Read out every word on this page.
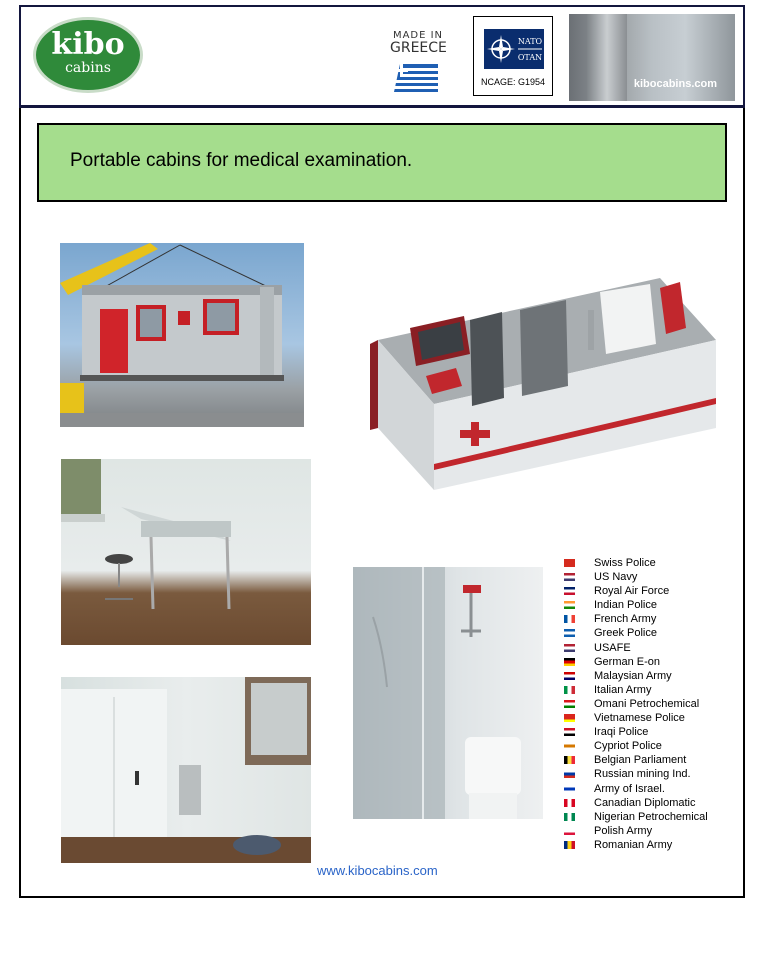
kibo
cabins
MADE IN
GREECE	NATO
OTAN
NCAGE: G1954	kibocabins.com
Portable cabins for medical examination.
Swiss Police
US Navy
Royal Air Force
Indian Police
French Army
Greek Police
USAFE
German E-on
Malaysian Army
Italian Army
Omani Petrochemical
Vietnamese Police
Iraqi Police
Cypriot Police
Belgian Parliament
Russian mining Ind.
Army of Israel.
Canadian Diplomatic
Nigerian Petrochemical
Polish Army
Romanian Army
www.kibocabins.com
